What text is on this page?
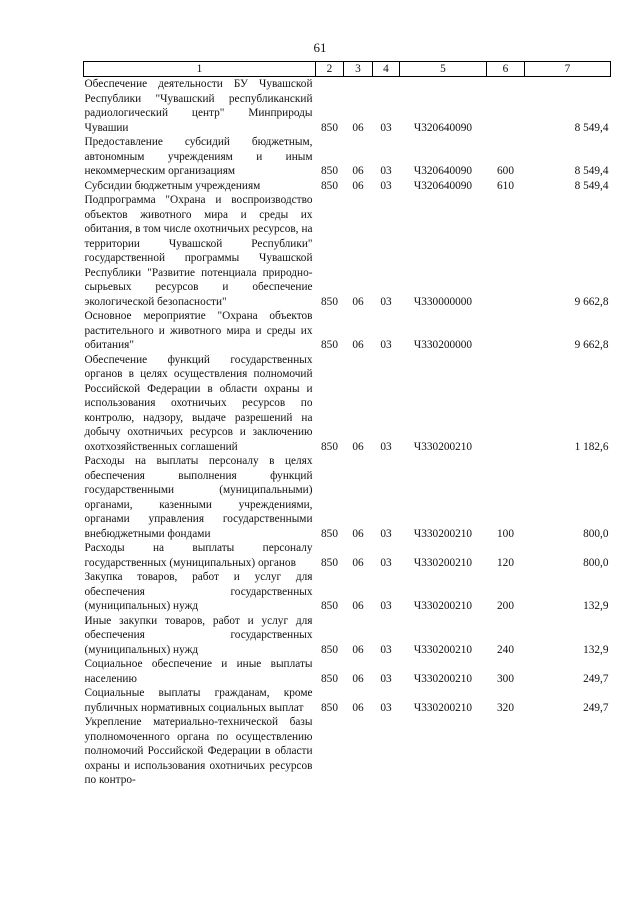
61
1	2	3	4	5	6	7
Обеспечение деятельности БУ Чувашской Республики "Чувашский республиканский радиологический центр" Минприроды Чувашии	850	06	03	Ч320640090		8 549,4
Предоставление субсидий бюджетным, автономным учреждениям и иным некоммерческим организациям	850	06	03	Ч320640090	600	8 549,4
Субсидии бюджетным учреждениям	850	06	03	Ч320640090	610	8 549,4
Подпрограмма "Охрана и воспроизводство объектов животного мира и среды их обитания, в том числе охотничьих ресурсов, на территории Чувашской Республики" государственной программы Чувашской Республики "Развитие потенциала природно-сырьевых ресурсов и обеспечение экологической безопасности"	850	06	03	Ч330000000		9 662,8
Основное мероприятие "Охрана объектов растительного и животного мира и среды их обитания"	850	06	03	Ч330200000		9 662,8
Обеспечение функций государственных органов в целях осуществления полномочий Российской Федерации в области охраны и использования охотничьих ресурсов по контролю, надзору, выдаче разрешений на добычу охотничьих ресурсов и заключению охотхозяйственных соглашений	850	06	03	Ч330200210		1 182,6
Расходы на выплаты персоналу в целях обеспечения выполнения функций государственными (муниципальными) органами, казенными учреждениями, органами управления государственными внебюджетными фондами	850	06	03	Ч330200210	100	800,0
Расходы на выплаты персоналу государственных (муниципальных) органов	850	06	03	Ч330200210	120	800,0
Закупка товаров, работ и услуг для обеспечения государственных (муниципальных) нужд	850	06	03	Ч330200210	200	132,9
Иные закупки товаров, работ и услуг для обеспечения государственных (муниципальных) нужд	850	06	03	Ч330200210	240	132,9
Социальное обеспечение и иные выплаты населению	850	06	03	Ч330200210	300	249,7
Социальные выплаты гражданам, кроме публичных нормативных социальных выплат	850	06	03	Ч330200210	320	249,7
Укрепление материально-технической базы уполномоченного органа по осуществлению полномочий Российской Федерации в области охраны и использования охотничьих ресурсов по контро-						
